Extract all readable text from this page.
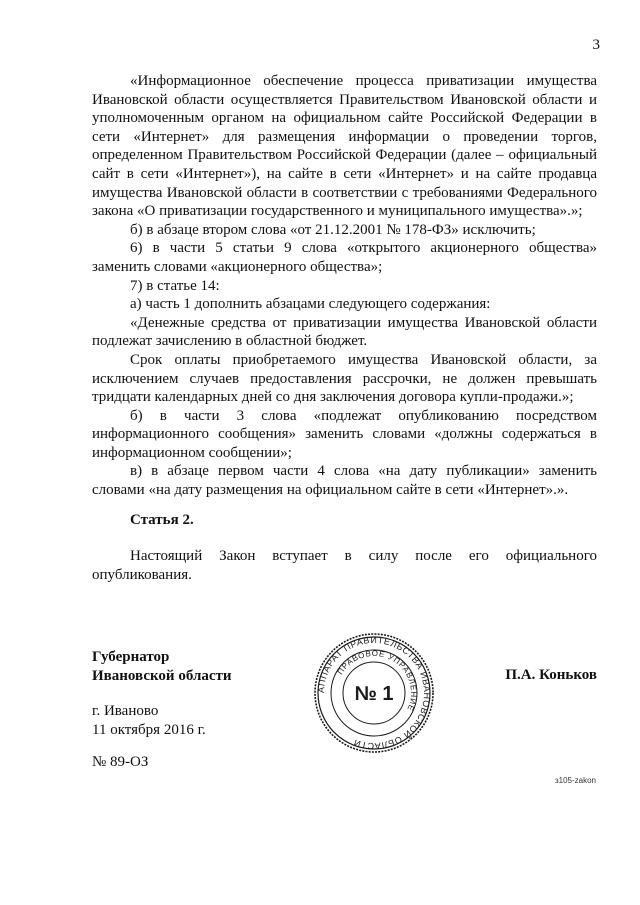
3

«Информационное обеспечение процесса приватизации имущества Ивановской области осуществляется Правительством Ивановской области и уполномоченным органом на официальном сайте Российской Федерации в сети «Интернет» для размещения информации о проведении торгов, определенном Правительством Российской Федерации (далее – официальный сайт в сети «Интернет»), на сайте в сети «Интернет» и на сайте продавца имущества Ивановской области в соответствии с требованиями Федерального закона «О приватизации государственного и муниципального имущества».»;

б) в абзаце втором слова «от 21.12.2001 № 178-ФЗ» исключить;

6) в части 5 статьи 9 слова «открытого акционерного общества» заменить словами «акционерного общества»;

7) в статье 14:

а) часть 1 дополнить абзацами следующего содержания:

«Денежные средства от приватизации имущества Ивановской области подлежат зачислению в областной бюджет.

Срок оплаты приобретаемого имущества Ивановской области, за исключением случаев предоставления рассрочки, не должен превышать тридцати календарных дней со дня заключения договора купли-продажи.»;

б) в части 3 слова «подлежат опубликованию посредством информационного сообщения» заменить словами «должны содержаться в информационном сообщении»;

в) в абзаце первом части 4 слова «на дату публикации» заменить словами «на дату размещения на официальном сайте в сети «Интернет».».

Статья 2.

Настоящий Закон вступает в силу после его официального опубликования.

Губернатор
Ивановской области
АППАРАТ ПРАВИТЕЛЬСТВА ИВАНОВСКОЙ ОБЛАСТИ
ПРАВОВОЕ УПРАВЛЕНИЕ
№ 1
П.А. Коньков
г. Иваново
11 октября 2016 г.
№ 89-ОЗ
з105-zakon
